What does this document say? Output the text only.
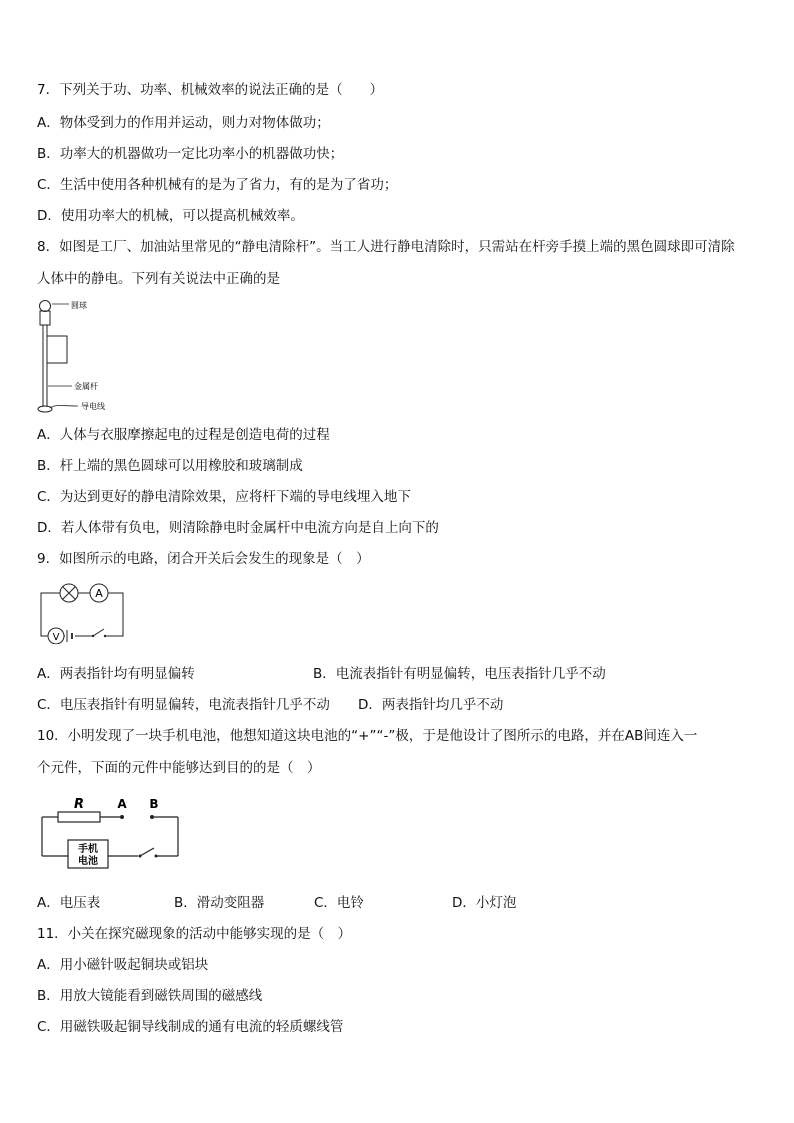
7．下列关于功、功率、机械效率的说法正确的是（　　）
A．物体受到力的作用并运动，则力对物体做功；
B．功率大的机器做功一定比功率小的机器做功快；
C．生活中使用各种机械有的是为了省力，有的是为了省功；
D．使用功率大的机械，可以提高机械效率。
8．如图是工厂、加油站里常见的“静电清除杆”。当工人进行静电清除时，只需站在杆旁手摸上端的黑色圆球即可清除
人体中的静电。下列有关说法中正确的是
圆球
金属杆
导电线
A．人体与衣服摩擦起电的过程是创造电荷的过程
B．杆上端的黑色圆球可以用橡胶和玻璃制成
C．为达到更好的静电清除效果，应将杆下端的导电线埋入地下
D．若人体带有负电，则清除静电时金属杆中电流方向是自上向下的
9．如图所示的电路，闭合开关后会发生的现象是（　）
A
V
A．两表指针均有明显偏转	B．电流表指针有明显偏转，电压表指针几乎不动
C．电压表指针有明显偏转，电流表指针几乎不动 D．两表指针均几乎不动
10．小明发现了一块手机电池，他想知道这块电池的“+”“-”极，于是他设计了图所示的电路，并在AB间连入一
个元件，下面的元件中能够达到目的的是（　）
手机
电池
R	A B
A．电压表	B．滑动变阻器	C．电铃	D．小灯泡
11．小关在探究磁现象的活动中能够实现的是（　）
A．用小磁针吸起铜块或铝块
B．用放大镜能看到磁铁周围的磁感线
C．用磁铁吸起铜导线制成的通有电流的轻质螺线管
